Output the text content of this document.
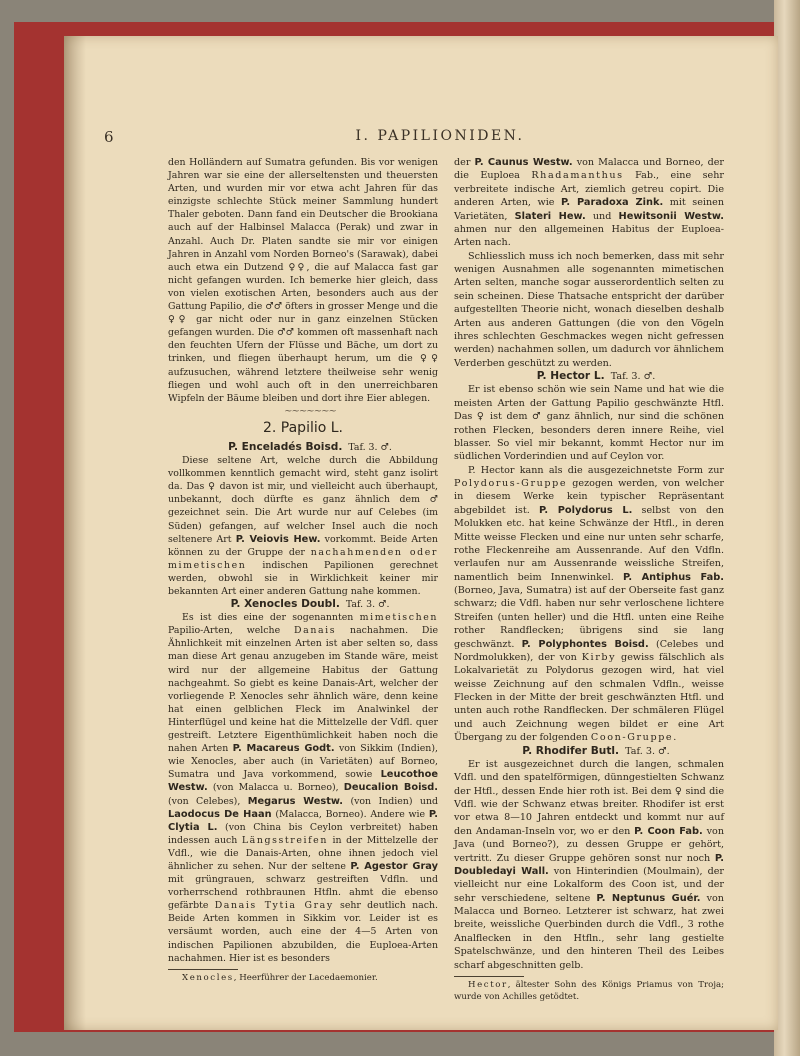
6	I. PAPILIONIDEN.

den Holländern auf Sumatra gefunden. Bis vor wenigen Jahren war sie eine der allerseltensten und theuersten Arten, und wurden mir vor etwa acht Jahren für das einzigste schlechte Stück meiner Sammlung hundert Thaler geboten. Dann fand ein Deutscher die Brookiana auch auf der Halbinsel Malacca (Perak) und zwar in Anzahl. Auch Dr. Platen sandte sie mir vor einigen Jahren in Anzahl vom Norden Borneo's (Sarawak), dabei auch etwa ein Dutzend ♀♀, die auf Malacca fast gar nicht gefangen wurden. Ich bemerke hier gleich, dass von vielen exotischen Arten, besonders auch aus der Gattung Papilio, die ♂♂ öfters in grosser Menge und die ♀♀ gar nicht oder nur in ganz einzelnen Stücken gefangen wurden. Die ♂♂ kommen oft massenhaft nach den feuchten Ufern der Flüsse und Bäche, um dort zu trinken, und fliegen überhaupt herum, um die ♀♀ aufzusuchen, während letztere theilweise sehr wenig fliegen und wohl auch oft in den unerreichbaren Wipfeln der Bäume bleiben und dort ihre Eier ablegen.

~~~~~~~

2. Papilio L.

P. Enceladés Boisd. Taf. 3. ♂.

Diese seltene Art, welche durch die Abbildung vollkommen kenntlich gemacht wird, steht ganz isolirt da. Das ♀ davon ist mir, und vielleicht auch überhaupt, unbekannt, doch dürfte es ganz ähnlich dem ♂ gezeichnet sein. Die Art wurde nur auf Celebes (im Süden) gefangen, auf welcher Insel auch die noch seltenere Art P. Veiovis Hew. vorkommt. Beide Arten können zu der Gruppe der nachahmenden oder mimetischen indischen Papilionen gerechnet werden, obwohl sie in Wirklichkeit keiner mir bekannten Art einer anderen Gattung nahe kommen.

P. Xenocles Doubl. Taf. 3. ♂.

Es ist dies eine der sogenannten mimetischen Papilio-Arten, welche Danais nachahmen. Die Ähnlichkeit mit einzelnen Arten ist aber selten so, dass man diese Art genau anzugeben im Stande wäre, meist wird nur der allgemeine Habitus der Gattung nachgeahmt. So giebt es keine Danais-Art, welcher der vorliegende P. Xenocles sehr ähnlich wäre, denn keine hat einen gelblichen Fleck im Analwinkel der Hinterflügel und keine hat die Mittelzelle der Vdfl. quer gestreift. Letztere Eigenthümlichkeit haben noch die nahen Arten P. Macareus Godt. von Sikkim (Indien), wie Xenocles, aber auch (in Varietäten) auf Borneo, Sumatra und Java vorkommend, sowie Leucothoe Westw. (von Malacca u. Borneo), Deucalion Boisd. (von Celebes), Megarus Westw. (von Indien) und Laodocus De Haan (Malacca, Borneo). Andere wie P. Clytia L. (von China bis Ceylon verbreitet) haben indessen auch Längsstreifen in der Mittelzelle der Vdfl., wie die Danais-Arten, ohne ihnen jedoch viel ähnlicher zu sehen. Nur der seltene P. Agestor Gray mit grüngrauen, schwarz gestreiften Vdfln. und vorherrschend rothbraunen Htfln. ahmt die ebenso gefärbte Danais Tytia Gray sehr deutlich nach. Beide Arten kommen in Sikkim vor. Leider ist es versäumt worden, auch eine der 4—5 Arten von indischen Papilionen abzubilden, die Euploea-Arten nachahmen. Hier ist es besonders

Xenocles, Heerführer der Lacedaemonier.

der P. Caunus Westw. von Malacca und Borneo, der die Euploea Rhadamanthus Fab., eine sehr verbreitete indische Art, ziemlich getreu copirt. Die anderen Arten, wie P. Paradoxa Zink. mit seinen Varietäten, Slateri Hew. und Hewitsonii Westw. ahmen nur den allgemeinen Habitus der Euploea-Arten nach.

Schliesslich muss ich noch bemerken, dass mit sehr wenigen Ausnahmen alle sogenannten mimetischen Arten selten, manche sogar ausserordentlich selten zu sein scheinen. Diese Thatsache entspricht der darüber aufgestellten Theorie nicht, wonach dieselben deshalb Arten aus anderen Gattungen (die von den Vögeln ihres schlechten Geschmackes wegen nicht gefressen werden) nachahmen sollen, um dadurch vor ähnlichem Verderben geschützt zu werden.

P. Hector L. Taf. 3. ♂.

Er ist ebenso schön wie sein Name und hat wie die meisten Arten der Gattung Papilio geschwänzte Htfl. Das ♀ ist dem ♂ ganz ähnlich, nur sind die schönen rothen Flecken, besonders deren innere Reihe, viel blasser. So viel mir bekannt, kommt Hector nur im südlichen Vorderindien und auf Ceylon vor.

P. Hector kann als die ausgezeichnetste Form zur Polydorus-Gruppe gezogen werden, von welcher in diesem Werke kein typischer Repräsentant abgebildet ist. P. Polydorus L. selbst von den Molukken etc. hat keine Schwänze der Htfl., in deren Mitte weisse Flecken und eine nur unten sehr scharfe, rothe Fleckenreihe am Aussenrande. Auf den Vdfln. verlaufen nur am Aussenrande weissliche Streifen, namentlich beim Innenwinkel. P. Antiphus Fab. (Borneo, Java, Sumatra) ist auf der Oberseite fast ganz schwarz; die Vdfl. haben nur sehr verloschene lichtere Streifen (unten heller) und die Htfl. unten eine Reihe rother Randflecken; übrigens sind sie lang geschwänzt. P. Polyphontes Boisd. (Celebes und Nordmolukken), der von Kirby gewiss fälschlich als Lokalvarietät zu Polydorus gezogen wird, hat viel weisse Zeichnung auf den schmalen Vdfln., weisse Flecken in der Mitte der breit geschwänzten Htfl. und unten auch rothe Randflecken. Der schmäleren Flügel und auch Zeichnung wegen bildet er eine Art Übergang zu der folgenden Coon-Gruppe.

P. Rhodifer Butl. Taf. 3. ♂.

Er ist ausgezeichnet durch die langen, schmalen Vdfl. und den spatelförmigen, dünngestielten Schwanz der Htfl., dessen Ende hier roth ist. Bei dem ♀ sind die Vdfl. wie der Schwanz etwas breiter. Rhodifer ist erst vor etwa 8—10 Jahren entdeckt und kommt nur auf den Andaman-Inseln vor, wo er den P. Coon Fab. von Java (und Borneo?), zu dessen Gruppe er gehört, vertritt. Zu dieser Gruppe gehören sonst nur noch P. Doubledayi Wall. von Hinterindien (Moulmain), der vielleicht nur eine Lokalform des Coon ist, und der sehr verschiedene, seltene P. Neptunus Guér. von Malacca und Borneo. Letzterer ist schwarz, hat zwei breite, weissliche Querbinden durch die Vdfl., 3 rothe Analflecken in den Htfln., sehr lang gestielte Spatelschwänze, und den hinteren Theil des Leibes scharf abgeschnitten gelb.

Hector, ältester Sohn des Königs Priamus von Troja; wurde von Achilles getödtet.
